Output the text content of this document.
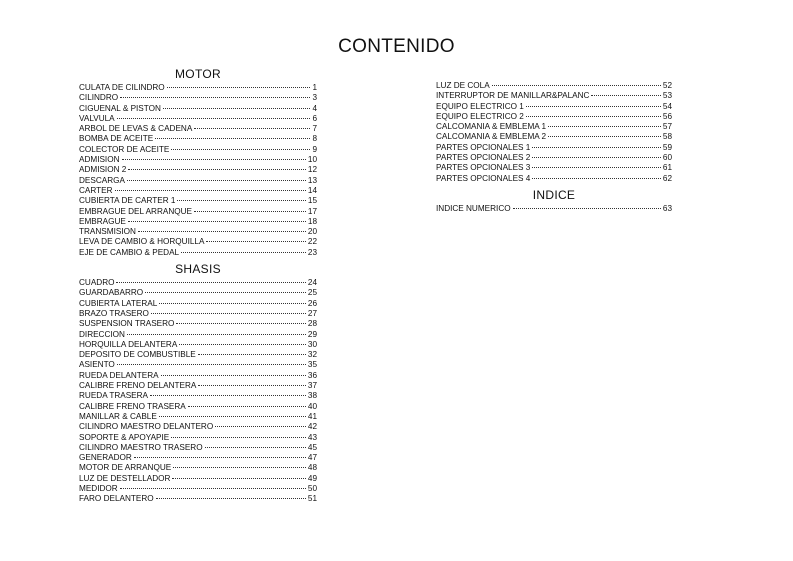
CONTENIDO
MOTOR
CULATA DE CILINDRO	1
CILINDRO	3
CIGUENAL & PISTON	4
VALVULA	6
ARBOL DE LEVAS & CADENA	7
BOMBA DE ACEITE	8
COLECTOR DE ACEITE	9
ADMISION	10
ADMISION 2	12
DESCARGA	13
CARTER	14
CUBIERTA DE CARTER 1	15
EMBRAGUE DEL ARRANQUE	17
EMBRAGUE	18
TRANSMISION	20
LEVA DE CAMBIO & HORQUILLA	22
EJE DE CAMBIO & PEDAL	23
SHASIS
CUADRO	24
GUARDABARRO	25
CUBIERTA LATERAL	26
BRAZO TRASERO	27
SUSPENSION TRASERO	28
DIRECCION	29
HORQUILLA DELANTERA	30
DEPOSITO DE COMBUSTIBLE	32
ASIENTO	35
RUEDA DELANTERA	36
CALIBRE FRENO DELANTERA	37
RUEDA TRASERA	38
CALIBRE FRENO TRASERA	40
MANILLAR & CABLE	41
CILINDRO MAESTRO DELANTERO	42
SOPORTE & APOYAPIE	43
CILINDRO MAESTRO TRASERO	45
GENERADOR	47
MOTOR DE ARRANQUE	48
LUZ DE DESTELLADOR	49
MEDIDOR	50
FARO DELANTERO	51
LUZ DE COLA	52
INTERRUPTOR DE MANILLAR&PALANC	53
EQUIPO ELECTRICO 1	54
EQUIPO ELECTRICO 2	56
CALCOMANIA & EMBLEMA 1	57
CALCOMANIA & EMBLEMA 2	58
PARTES OPCIONALES 1	59
PARTES OPCIONALES 2	60
PARTES OPCIONALES 3	61
PARTES OPCIONALES 4	62
INDICE
INDICE NUMERICO	63
